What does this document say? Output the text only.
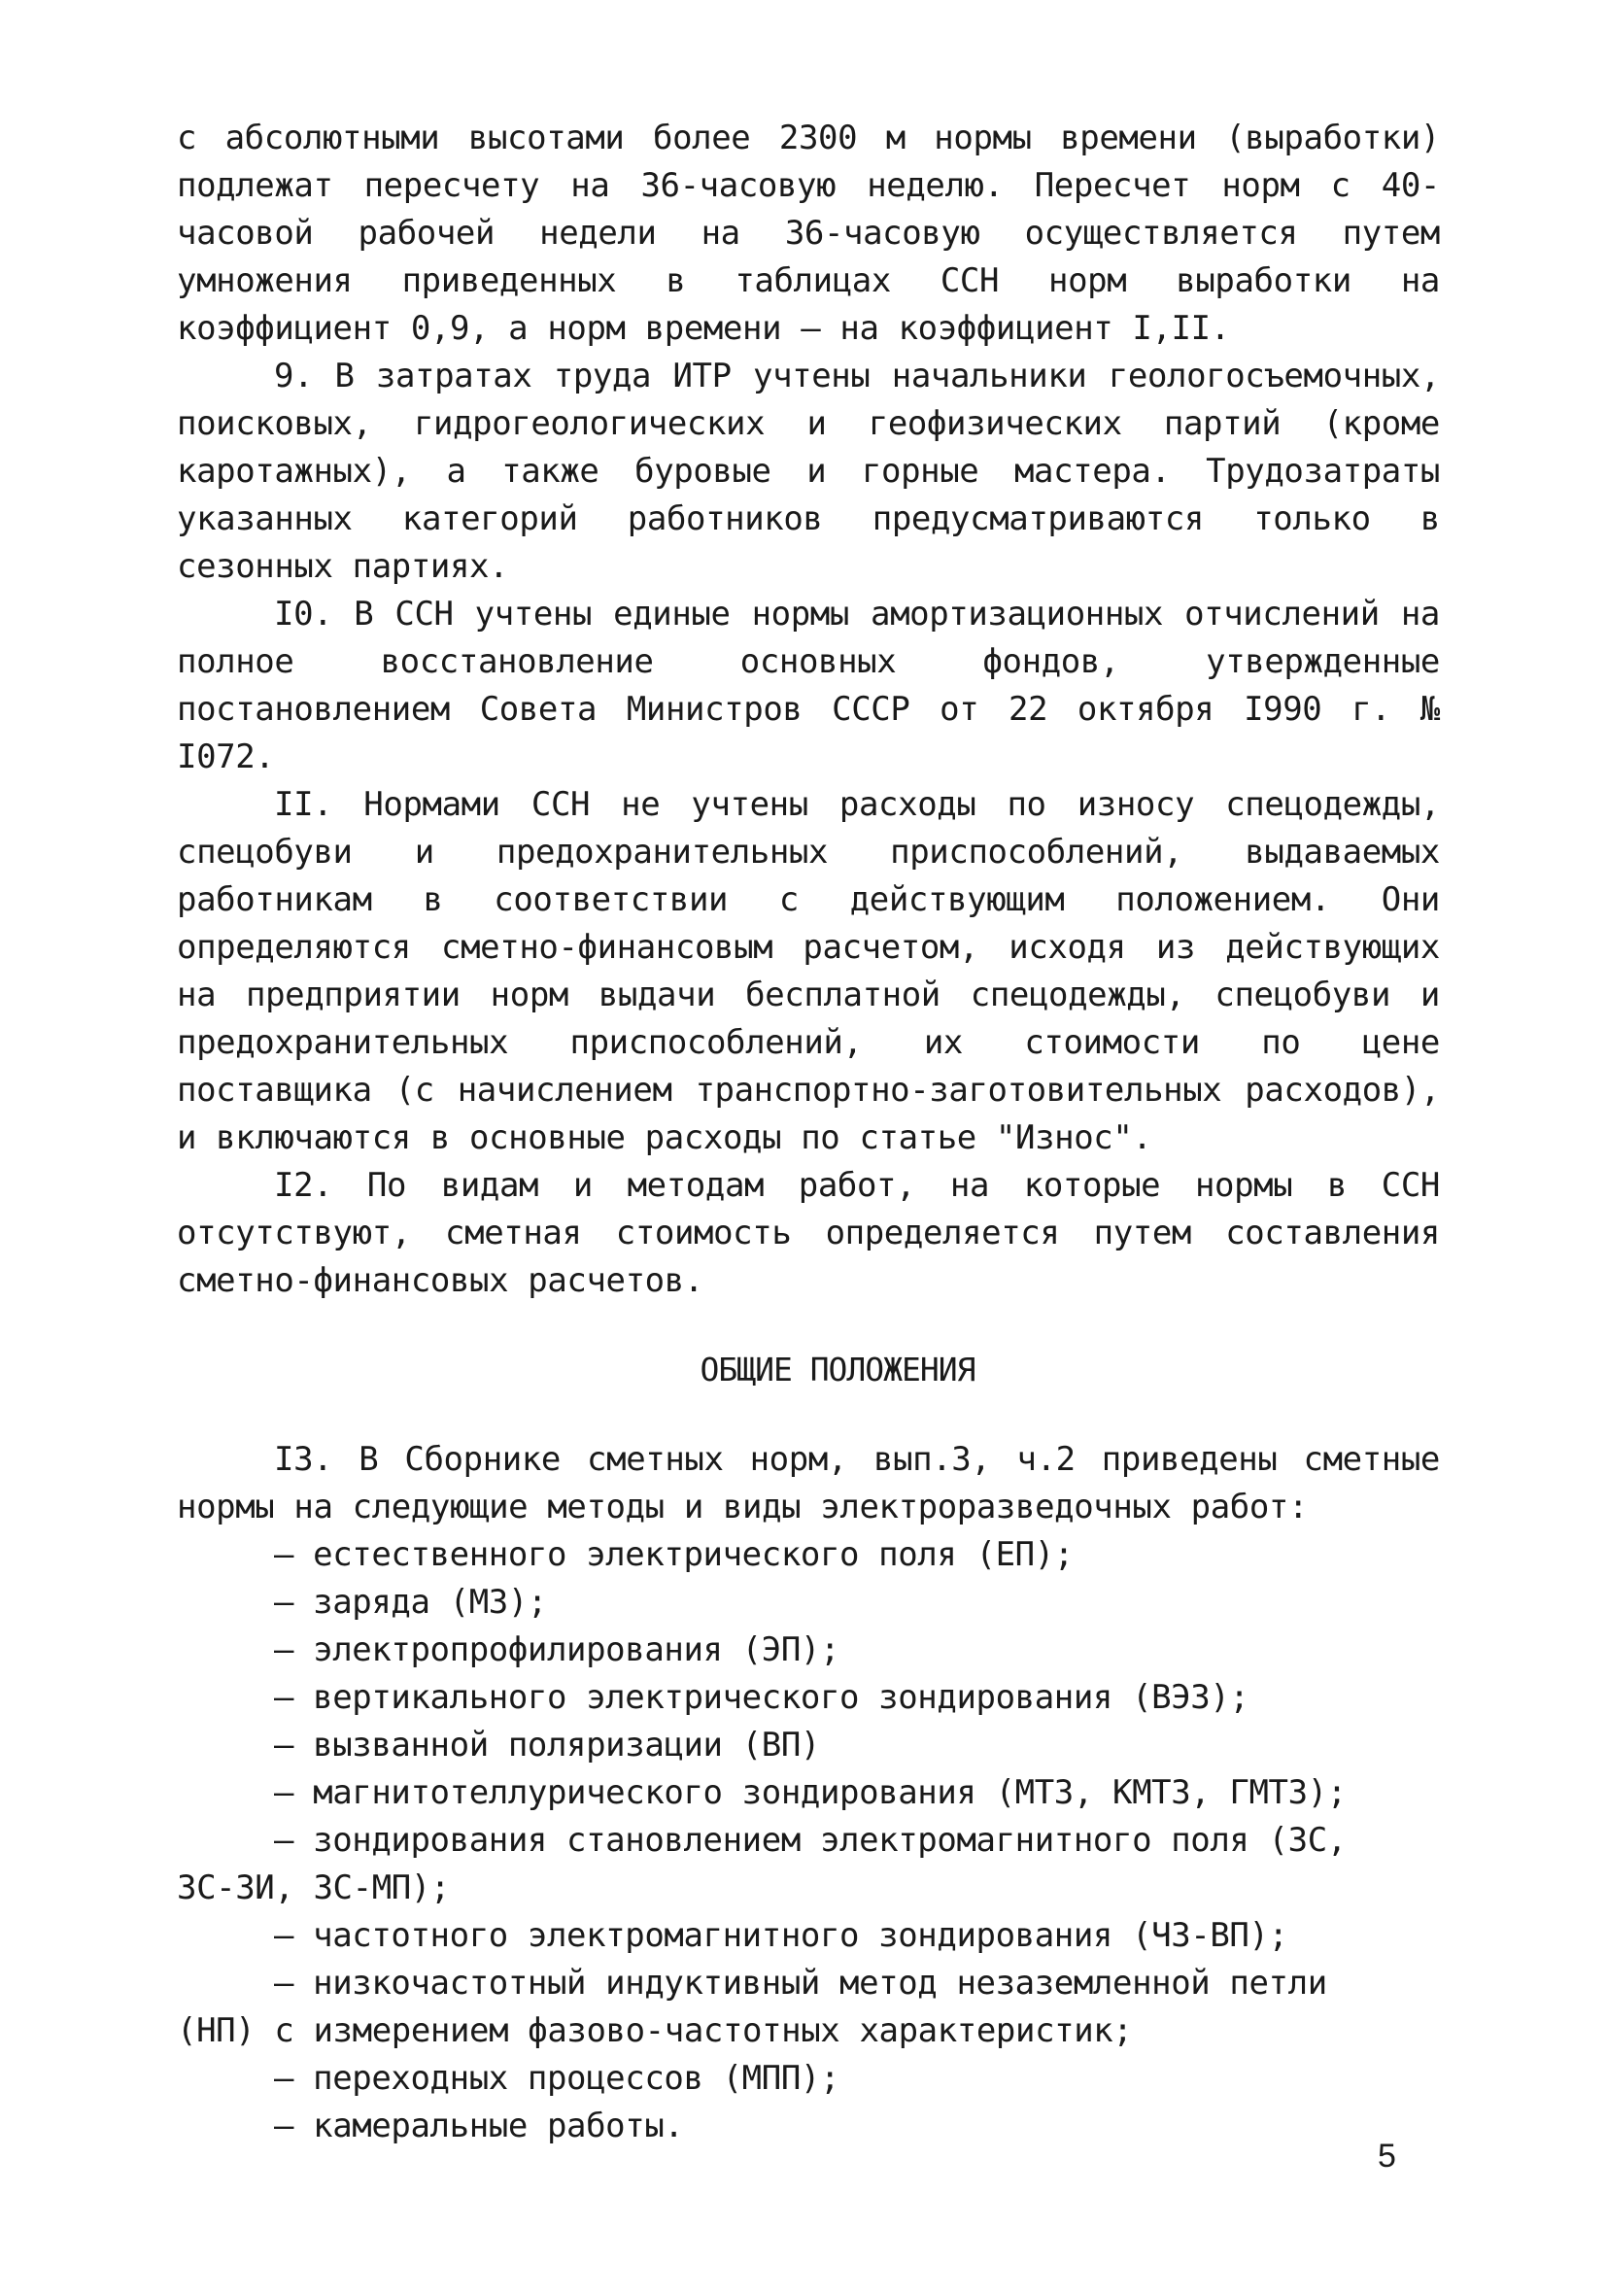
с абсолютными высотами более 2300 м нормы времени (выработки) подлежат пересчету на 36-часовую неделю. Пересчет норм с 40-часовой рабочей недели на 36-часовую осуществляется путем умножения приведенных в таблицах ССН норм выработки на коэффициент 0,9, а норм времени – на коэффициент I,II.

9. В затратах труда ИТР учтены начальники геологосъемочных, поисковых, гидрогеологических и геофизических партий (кроме каротажных), а также буровые и горные мастера. Трудозатраты указанных категорий работников предусматриваются только в сезонных партиях.

I0. В ССН учтены единые нормы амортизационных отчислений на полное восстановление основных фондов, утвержденные постановлением Совета Министров СССР от 22 октября I990 г. № I072.

II. Нормами ССН не учтены расходы по износу спецодежды, спецобуви и предохранительных приспособлений, выдаваемых работникам в соответствии с действующим положением. Они определяются сметно-финансовым расчетом, исходя из действующих на предприятии норм выдачи бесплатной спецодежды, спецобуви и предохранительных приспособлений, их стоимости по цене поставщика (с начислением транспортно-заготовительных расходов), и включаются в основные расходы по статье "Износ".

I2. По видам и методам работ, на которые нормы в ССН отсутствуют, сметная стоимость определяется путем составления сметно-финансовых расчетов.

ОБЩИЕ ПОЛОЖЕНИЯ

I3. В Сборнике сметных норм, вып.3, ч.2 приведены сметные нормы на следующие методы и виды электроразведочных работ:

– естественного электрического поля (ЕП);
– заряда (МЗ);
– электропрофилирования (ЭП);
– вертикального электрического зондирования (ВЭЗ);
– вызванной поляризации (ВП)
– магнитотеллурического зондирования (МТЗ, КМТЗ, ГМТЗ);
– зондирования становлением электромагнитного поля (ЗС,
ЗС-ЗИ, ЗС-МП);
– частотного электромагнитного зондирования (ЧЗ-ВП);
– низкочастотный индуктивный метод незаземленной петли
(НП) с измерением фазово-частотных характеристик;
– переходных процессов (МПП);
– камеральные работы.
5
